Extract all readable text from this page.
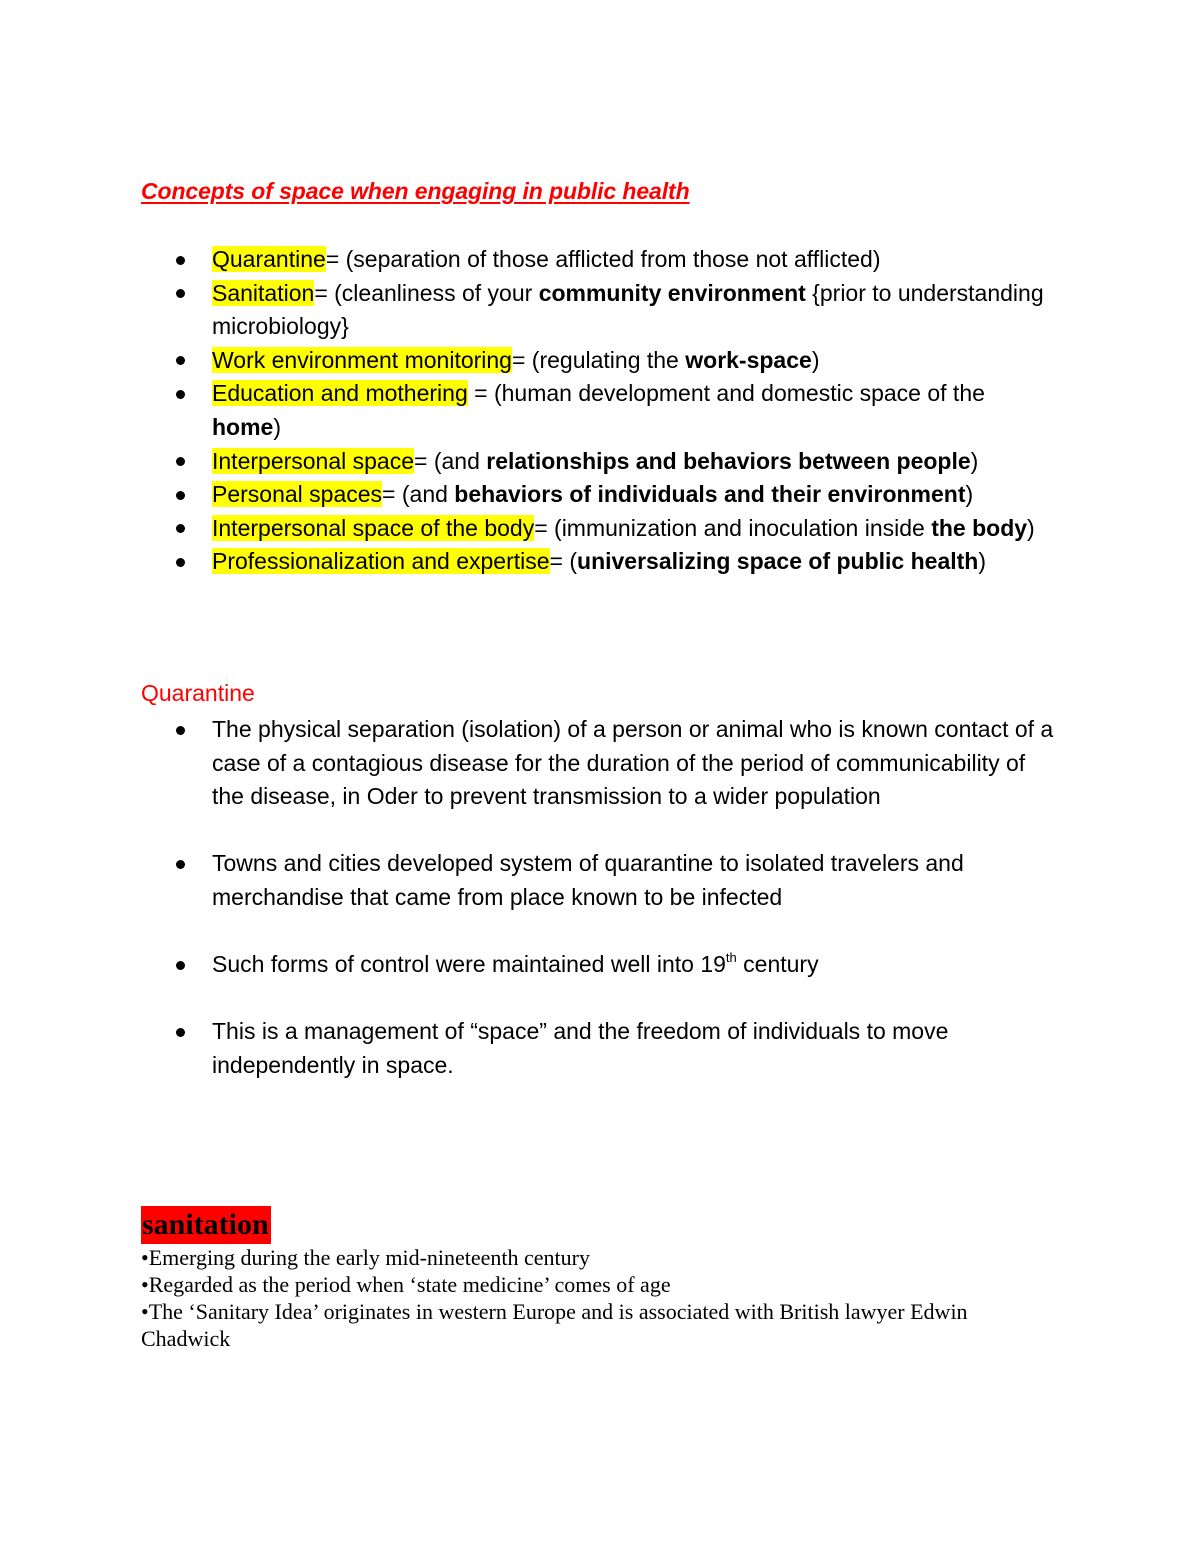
Concepts of space when engaging in public health
Quarantine= (separation of those afflicted from those not afflicted)
Sanitation= (cleanliness of your community environment {prior to understanding microbiology}
Work environment monitoring= (regulating the work-space)
Education and mothering = (human development and domestic space of the home)
Interpersonal space= (and relationships and behaviors between people)
Personal spaces= (and behaviors of individuals and their environment)
Interpersonal space of the body= (immunization and inoculation inside the body)
Professionalization and expertise= (universalizing space of public health)
Quarantine
The physical separation (isolation) of a person or animal who is known contact of a case of a contagious disease for the duration of the period of communicability of the disease, in Oder to prevent transmission to a wider population
Towns and cities developed system of quarantine to isolated travelers and merchandise that came from place known to be infected
Such forms of control were maintained well into 19th century
This is a management of “space” and the freedom of individuals to move independently in space.
sanitation

•Emerging during the early mid-nineteenth century

•Regarded as the period when ‘state medicine’ comes of age

•The ‘Sanitary Idea’ originates in western Europe and is associated with British lawyer Edwin Chadwick
